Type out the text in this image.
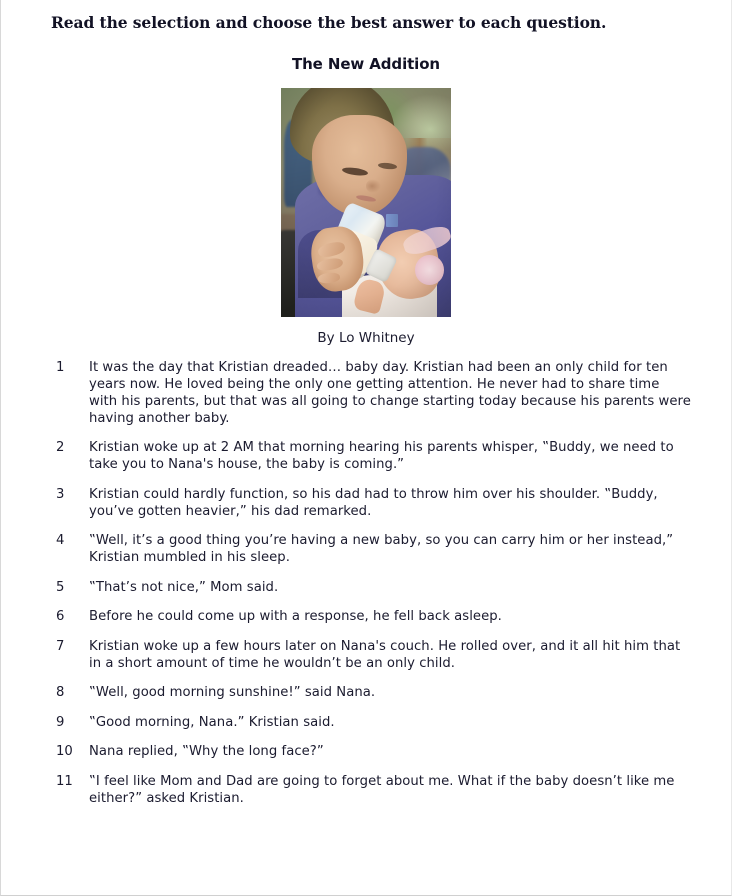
Read the selection and choose the best answer to each question.
The New Addition
By Lo Whitney
1	It was the day that Kristian dreaded… baby day. Kristian had been an only child for ten years now. He loved being the only one getting attention. He never had to share time with his parents, but that was all going to change starting today because his parents were having another baby.
2	Kristian woke up at 2 AM that morning hearing his parents whisper, ‟Buddy, we need to take you to Nana's house, the baby is coming.”
3	Kristian could hardly function, so his dad had to throw him over his shoulder. ‟Buddy, you’ve gotten heavier,” his dad remarked.
4	‟Well, it’s a good thing you’re having a new baby, so you can carry him or her instead,” Kristian mumbled in his sleep.
5	‟That’s not nice,” Mom said.
6	Before he could come up with a response, he fell back asleep.
7	Kristian woke up a few hours later on Nana's couch. He rolled over, and it all hit him that in a short amount of time he wouldn’t be an only child.
8	‟Well, good morning sunshine!” said Nana.
9	‟Good morning, Nana.” Kristian said.
10	Nana replied, ‟Why the long face?”
11	‟I feel like Mom and Dad are going to forget about me. What if the baby doesn’t like me either?” asked Kristian.
